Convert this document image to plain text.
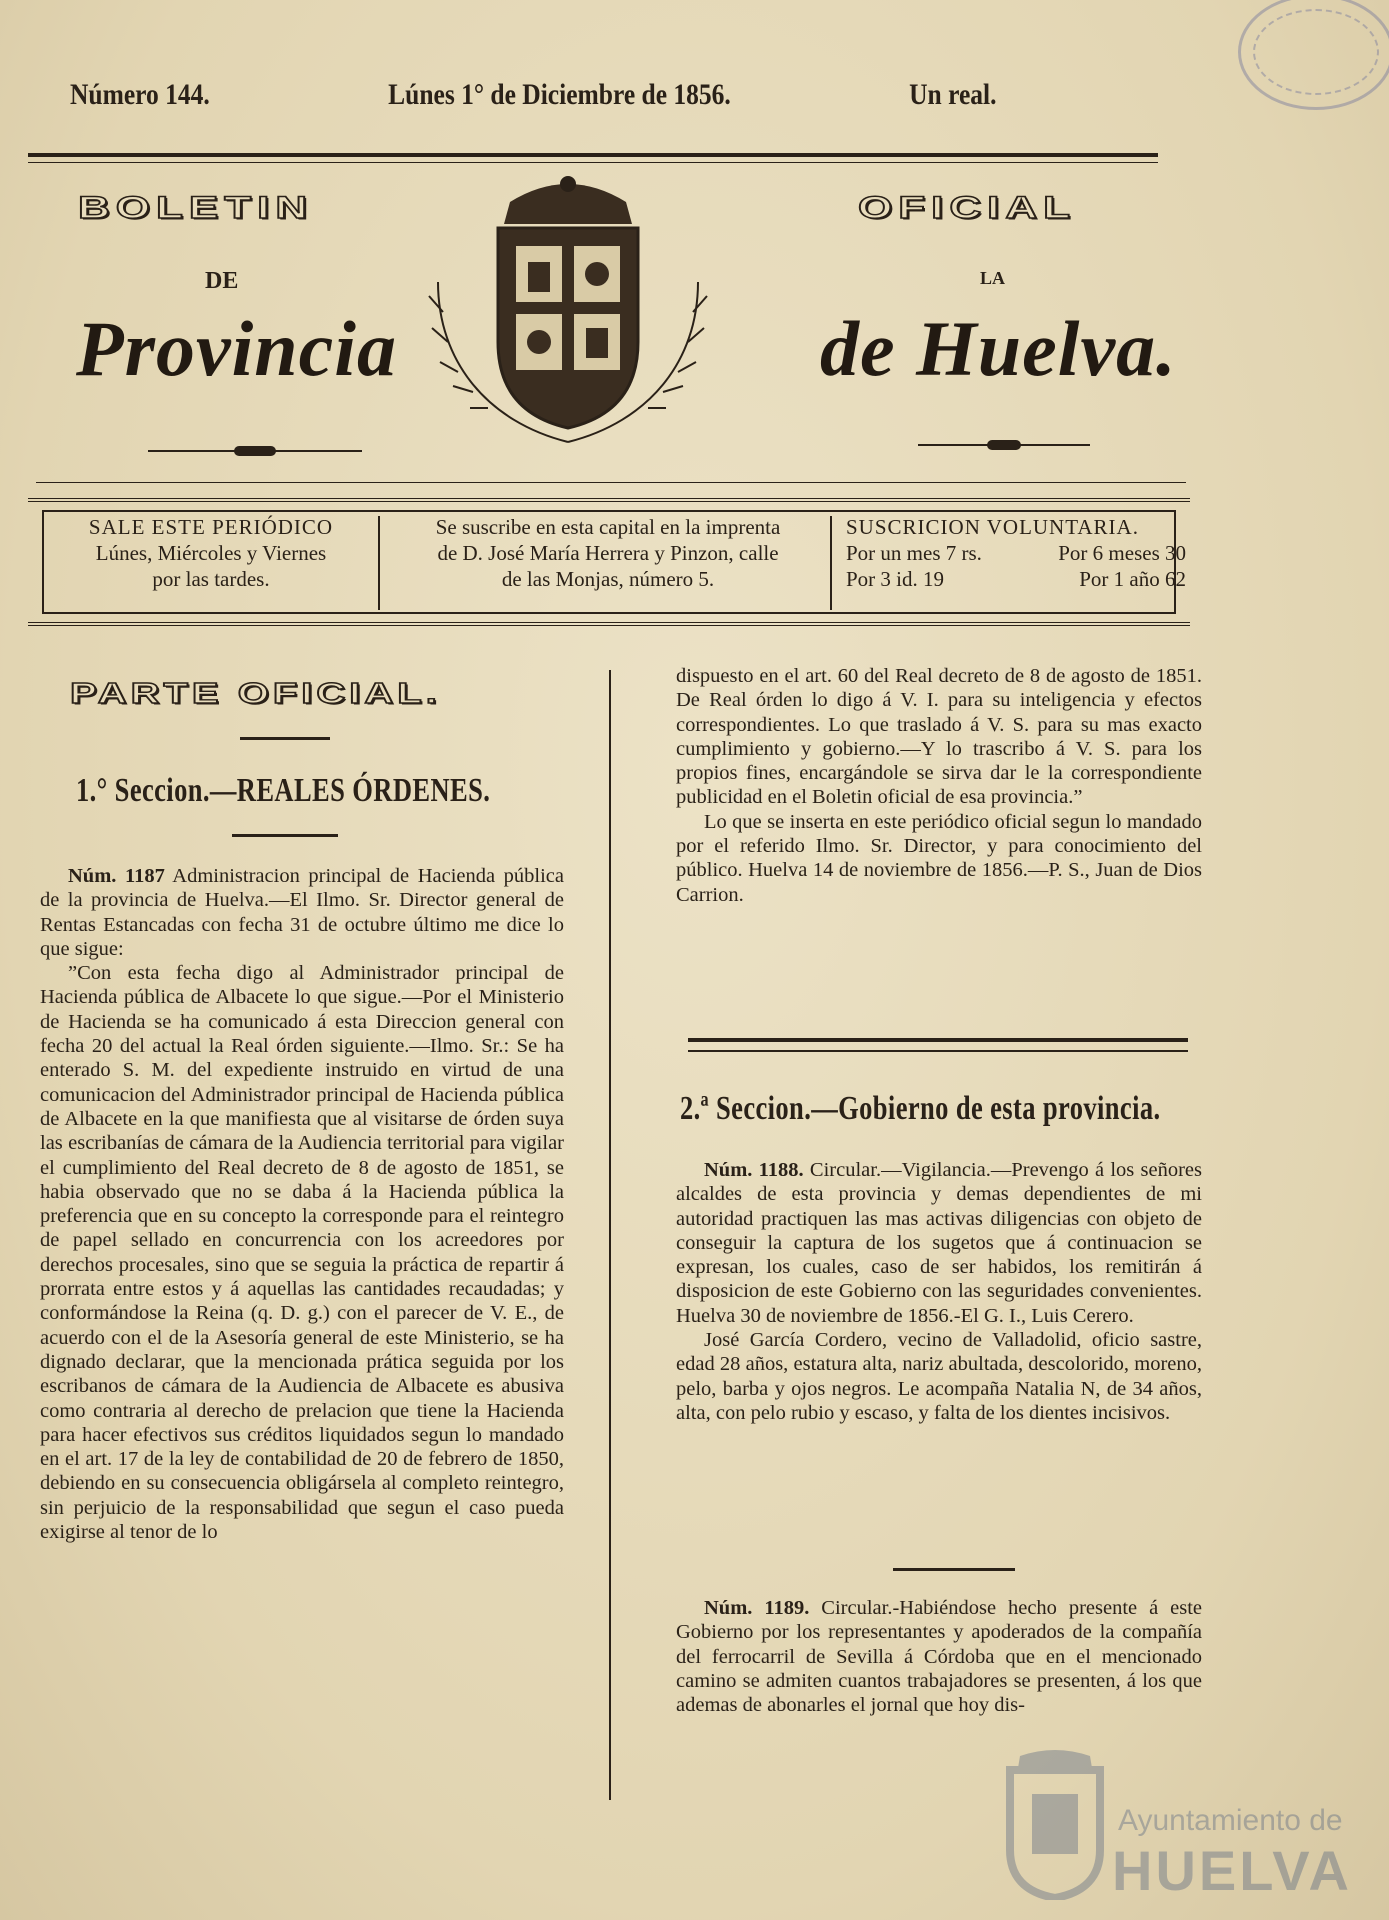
Número 144.	Lúnes 1° de Diciembre de 1856.	Un real.
BOLETIN	OFICIAL
DE	LA
Provincia	de Huelva.
SALE ESTE PERIÓDICO
Lúnes, Miércoles y Viernes
por las tardes.
Se suscribe en esta capital en la imprenta
de D. José María Herrera y Pinzon, calle
de las Monjas, número 5.
SUSCRICION VOLUNTARIA.
Por un mes 7 rs.	Por 6 meses 30
Por 3 id. 19	Por 1 año 62
PARTE OFICIAL.
1.° Seccion.—REALES ÓRDENES.

Núm. 1187 Administracion principal de Hacienda pública de la provincia de Huelva.—El Ilmo. Sr. Director general de Rentas Estancadas con fecha 31 de octubre último me dice lo que sigue:

”Con esta fecha digo al Administrador principal de Hacienda pública de Albacete lo que sigue.—Por el Ministerio de Hacienda se ha comunicado á esta Direccion general con fecha 20 del actual la Real órden siguiente.—Ilmo. Sr.: Se ha enterado S. M. del expediente instruido en virtud de una comunicacion del Administrador principal de Hacienda pública de Albacete en la que manifiesta que al visitarse de órden suya las escribanías de cámara de la Audiencia territorial para vigilar el cumplimiento del Real decreto de 8 de agosto de 1851, se habia observado que no se daba á la Hacienda pública la preferencia que en su concepto la corresponde para el reintegro de papel sellado en concurrencia con los acreedores por derechos procesales, sino que se seguia la práctica de repartir á prorrata entre estos y á aquellas las cantidades recaudadas; y conformándose la Reina (q. D. g.) con el parecer de V. E., de acuerdo con el de la Asesoría general de este Ministerio, se ha dignado declarar, que la mencionada prática seguida por los escribanos de cámara de la Audiencia de Albacete es abusiva como contraria al derecho de prelacion que tiene la Hacienda para hacer efectivos sus créditos liquidados segun lo mandado en el art. 17 de la ley de contabilidad de 20 de febrero de 1850, debiendo en su consecuencia obligársela al completo reintegro, sin perjuicio de la responsabilidad que segun el caso pueda exigirse al tenor de lo

dispuesto en el art. 60 del Real decreto de 8 de agosto de 1851. De Real órden lo digo á V. I. para su inteligencia y efectos correspondientes. Lo que traslado á V. S. para su mas exacto cumplimiento y gobierno.—Y lo trascribo á V. S. para los propios fines, encargándole se sirva dar le la correspondiente publicidad en el Boletin oficial de esa provincia.”

Lo que se inserta en este periódico oficial segun lo mandado por el referido Ilmo. Sr. Director, y para conocimiento del público. Huelva 14 de noviembre de 1856.—P. S., Juan de Dios Carrion.

2.ª Seccion.—Gobierno de esta provincia.

Núm. 1188. Circular.—Vigilancia.—Prevengo á los señores alcaldes de esta provincia y demas dependientes de mi autoridad practiquen las mas activas diligencias con objeto de conseguir la captura de los sugetos que á continuacion se expresan, los cuales, caso de ser habidos, los remitirán á disposicion de este Gobierno con las seguridades convenientes. Huelva 30 de noviembre de 1856.-El G. I., Luis Cerero.

José García Cordero, vecino de Valladolid, oficio sastre, edad 28 años, estatura alta, nariz abultada, descolorido, moreno, pelo, barba y ojos negros. Le acompaña Natalia N, de 34 años, alta, con pelo rubio y escaso, y falta de los dientes incisivos.

Núm. 1189. Circular.-Habiéndose hecho presente á este Gobierno por los representantes y apoderados de la compañía del ferrocarril de Sevilla á Córdoba que en el mencionado camino se admiten cuantos trabajadores se presenten, á los que ademas de abonarles el jornal que hoy dis-

Ayuntamiento de
HUELVA
